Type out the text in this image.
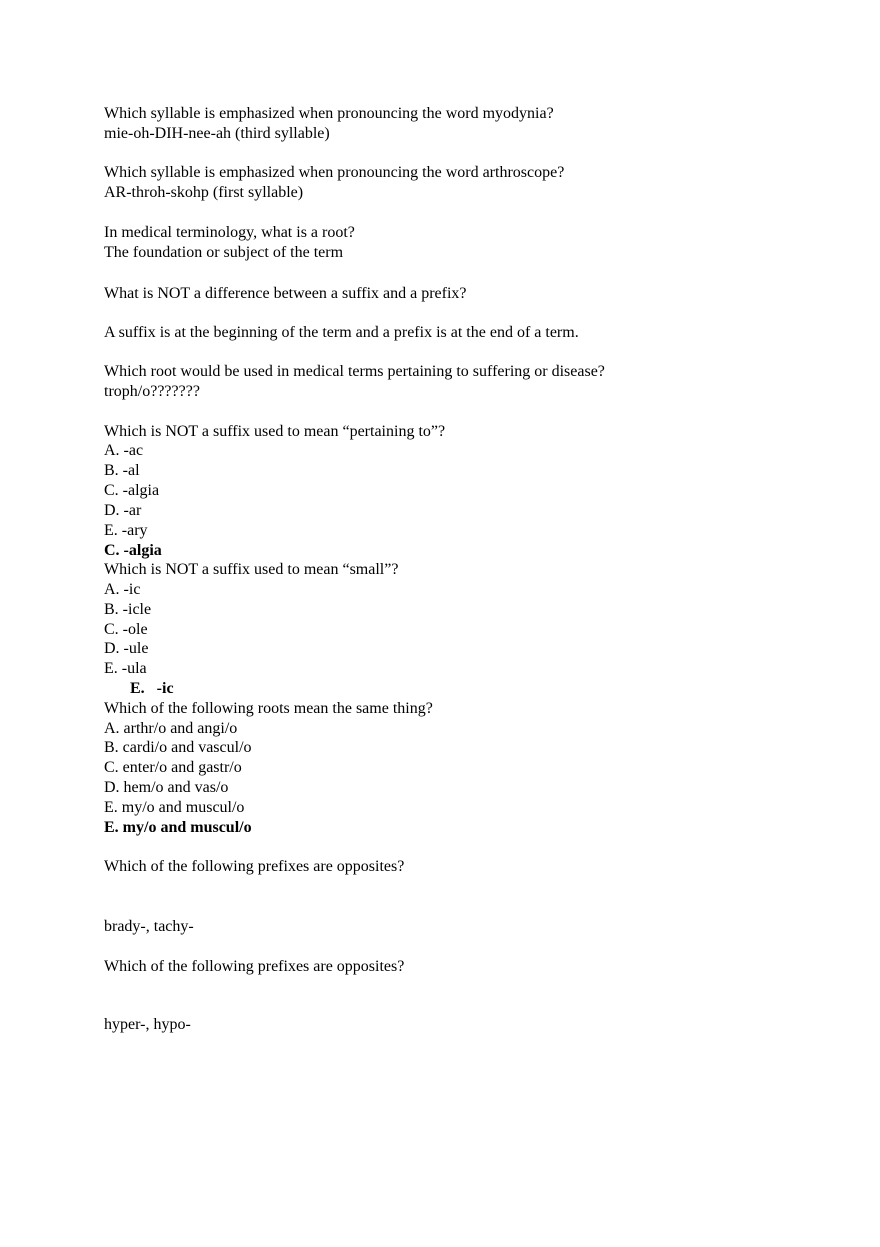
Which syllable is emphasized when pronouncing the word myodynia?
mie-oh-DIH-nee-ah (third syllable)
Which syllable is emphasized when pronouncing the word arthroscope?
AR-throh-skohp (first syllable)
In medical terminology, what is a root?
The foundation or subject of the term
What is NOT a difference between a suffix and a prefix?
A suffix is at the beginning of the term and a prefix is at the end of a term.
Which root would be used in medical terms pertaining to suffering or disease?
troph/o???????
Which is NOT a suffix used to mean “pertaining to”?
A. -ac
B. -al
C. -algia
D. -ar
E. -ary
C. -algia
Which is NOT a suffix used to mean “small”?
A. -ic
B. -icle
C. -ole
D. -ule
E. -ula
E. -ic
Which of the following roots mean the same thing?
A. arthr/o and angi/o
B. cardi/o and vascul/o
C. enter/o and gastr/o
D. hem/o and vas/o
E. my/o and muscul/o
E. my/o and muscul/o
Which of the following prefixes are opposites?
brady-, tachy-
Which of the following prefixes are opposites?
hyper-, hypo-
